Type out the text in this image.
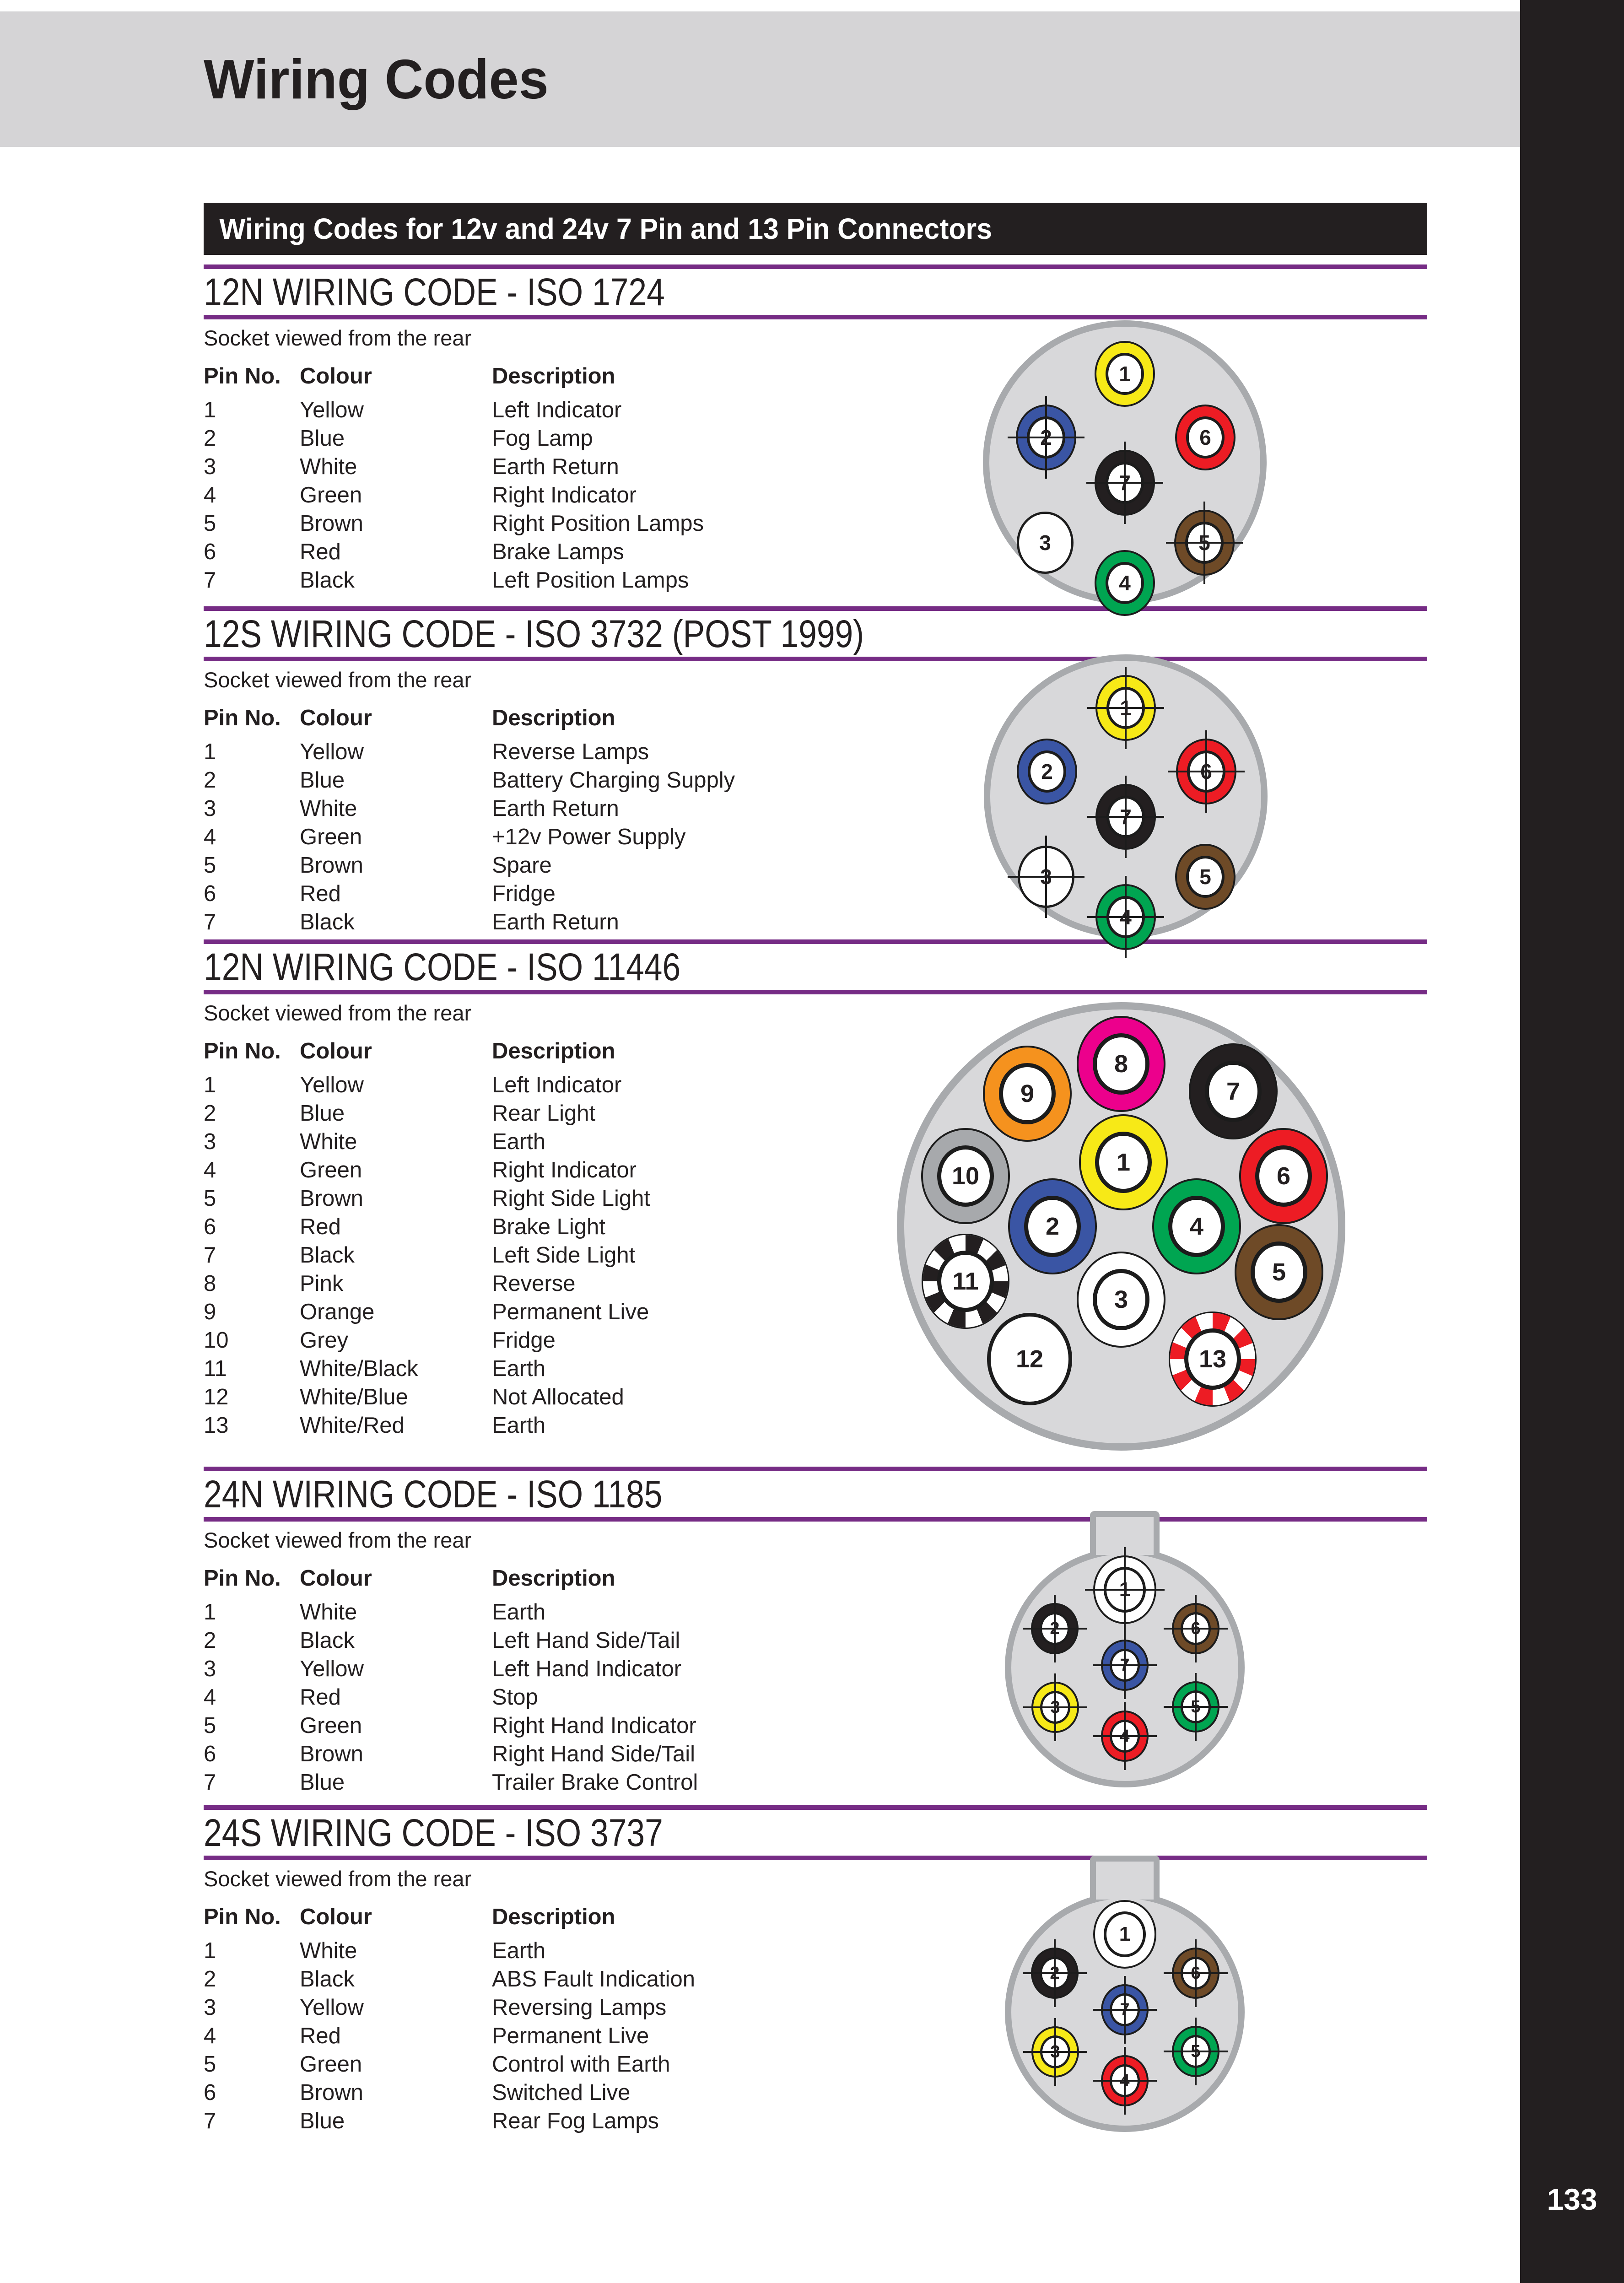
Wiring Codes
133
Wiring Codes for 12v and 24v 7 Pin and 13 Pin Connectors
12N WIRING CODE - ISO 1724
Socket viewed from the rear
Pin No. Colour	Description
1	Yellow	Left Indicator
2	Blue	Fog Lamp
3	White	Earth Return
4	Green	Right Indicator
5	Brown	Right Position Lamps
6	Red	Brake Lamps
7	Black	Left Position Lamps
1
2
3
4
5
6
7
12S WIRING CODE - ISO 3732 (POST 1999)
Socket viewed from the rear
Pin No. Colour	Description
1	Yellow	Reverse Lamps
2	Blue	Battery Charging Supply
3	White	Earth Return
4	Green	+12v Power Supply
5	Brown	Spare
6	Red	Fridge
7	Black	Earth Return
1
2
3
4
5
6
7
12N WIRING CODE - ISO 11446
Socket viewed from the rear
Pin No. Colour	Description
1	Yellow	Left Indicator
2	Blue	Rear Light
3	White	Earth
4	Green	Right Indicator
5	Brown	Right Side Light
6	Red	Brake Light
7	Black	Left Side Light
8	Pink	Reverse
9	Orange	Permanent Live
10	Grey	Fridge
11	White/Black	Earth
12	White/Blue	Not Allocated
13	White/Red	Earth
8
9	7
10	1	6
2	4
11
3
5
12	13
24N WIRING CODE - ISO 1185
Socket viewed from the rear
Pin No. Colour	Description
1	White	Earth
2	Black	Left Hand Side/Tail
3	Yellow	Left Hand Indicator
4	Red	Stop
5	Green	Right Hand Indicator
6	Brown	Right Hand Side/Tail
7	Blue	Trailer Brake Control
1
2
3
4
5
6
7
24S WIRING CODE - ISO 3737
Socket viewed from the rear
Pin No. Colour	Description
1	White	Earth
2	Black	ABS Fault Indication
3	Yellow	Reversing Lamps
4	Red	Permanent Live
5	Green	Control with Earth
6	Brown	Switched Live
7	Blue	Rear Fog Lamps
1
2
3
4
5
6
7
